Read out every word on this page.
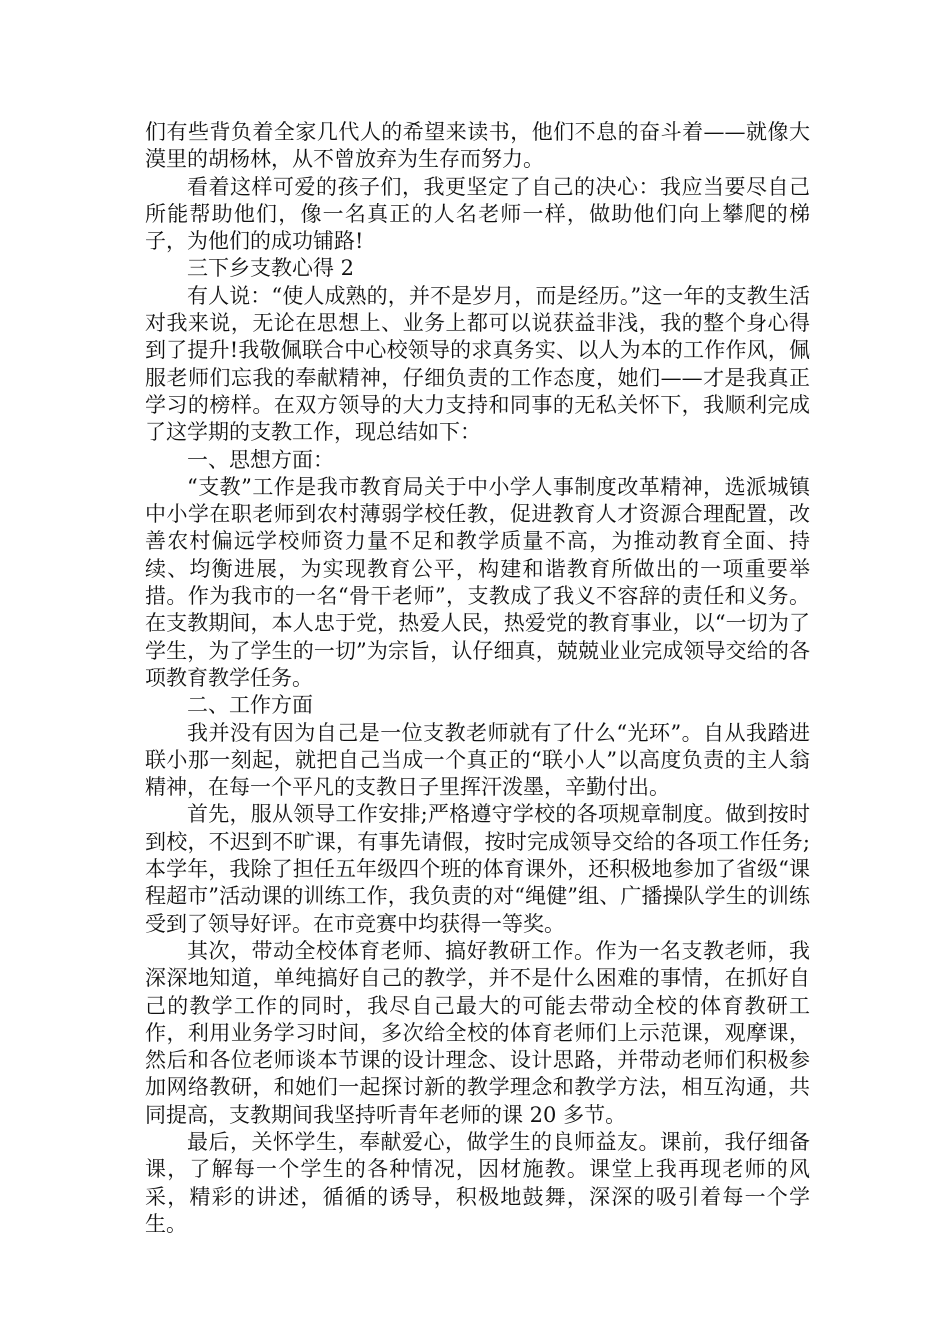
们有些背负着全家几代人的希望来读书，他们不息的奋斗着——就像大漠里的胡杨林，从不曾放弃为生存而努力。

看着这样可爱的孩子们，我更坚定了自己的决心：我应当要尽自己所能帮助他们，像一名真正的人名老师一样，做助他们向上攀爬的梯子，为他们的成功铺路!

三下乡支教心得 2

有人说：“使人成熟的，并不是岁月，而是经历。”这一年的支教生活对我来说，无论在思想上、业务上都可以说获益非浅，我的整个身心得到了提升!我敬佩联合中心校领导的求真务实、以人为本的工作作风，佩服老师们忘我的奉献精神，仔细负责的工作态度，她们——才是我真正学习的榜样。在双方领导的大力支持和同事的无私关怀下，我顺利完成了这学期的支教工作，现总结如下：

一、思想方面：

“支教”工作是我市教育局关于中小学人事制度改革精神，选派城镇中小学在职老师到农村薄弱学校任教，促进教育人才资源合理配置，改善农村偏远学校师资力量不足和教学质量不高，为推动教育全面、持续、均衡进展，为实现教育公平，构建和谐教育所做出的一项重要举措。作为我市的一名“骨干老师”，支教成了我义不容辞的责任和义务。在支教期间，本人忠于党，热爱人民，热爱党的教育事业，以“一切为了学生，为了学生的一切”为宗旨，认仔细真，兢兢业业完成领导交给的各项教育教学任务。

二、工作方面

我并没有因为自己是一位支教老师就有了什么“光环”。自从我踏进联小那一刻起，就把自己当成一个真正的“联小人”以高度负责的主人翁精神，在每一个平凡的支教日子里挥汗泼墨，辛勤付出。

首先，服从领导工作安排;严格遵守学校的各项规章制度。做到按时到校，不迟到不旷课，有事先请假，按时完成领导交给的各项工作任务;本学年，我除了担任五年级四个班的体育课外，还积极地参加了省级“课程超市”活动课的训练工作，我负责的对“绳健”组、广播操队学生的训练受到了领导好评。在市竞赛中均获得一等奖。

其次，带动全校体育老师、搞好教研工作。作为一名支教老师，我深深地知道，单纯搞好自己的教学，并不是什么困难的事情，在抓好自己的教学工作的同时，我尽自己最大的可能去带动全校的体育教研工作，利用业务学习时间，多次给全校的体育老师们上示范课，观摩课，然后和各位老师谈本节课的设计理念、设计思路，并带动老师们积极参加网络教研，和她们一起探讨新的教学理念和教学方法，相互沟通，共同提高，支教期间我坚持听青年老师的课 20 多节。

最后，关怀学生，奉献爱心，做学生的良师益友。课前，我仔细备课，了解每一个学生的各种情况，因材施教。课堂上我再现老师的风采，精彩的讲述，循循的诱导，积极地鼓舞，深深的吸引着每一个学生。
